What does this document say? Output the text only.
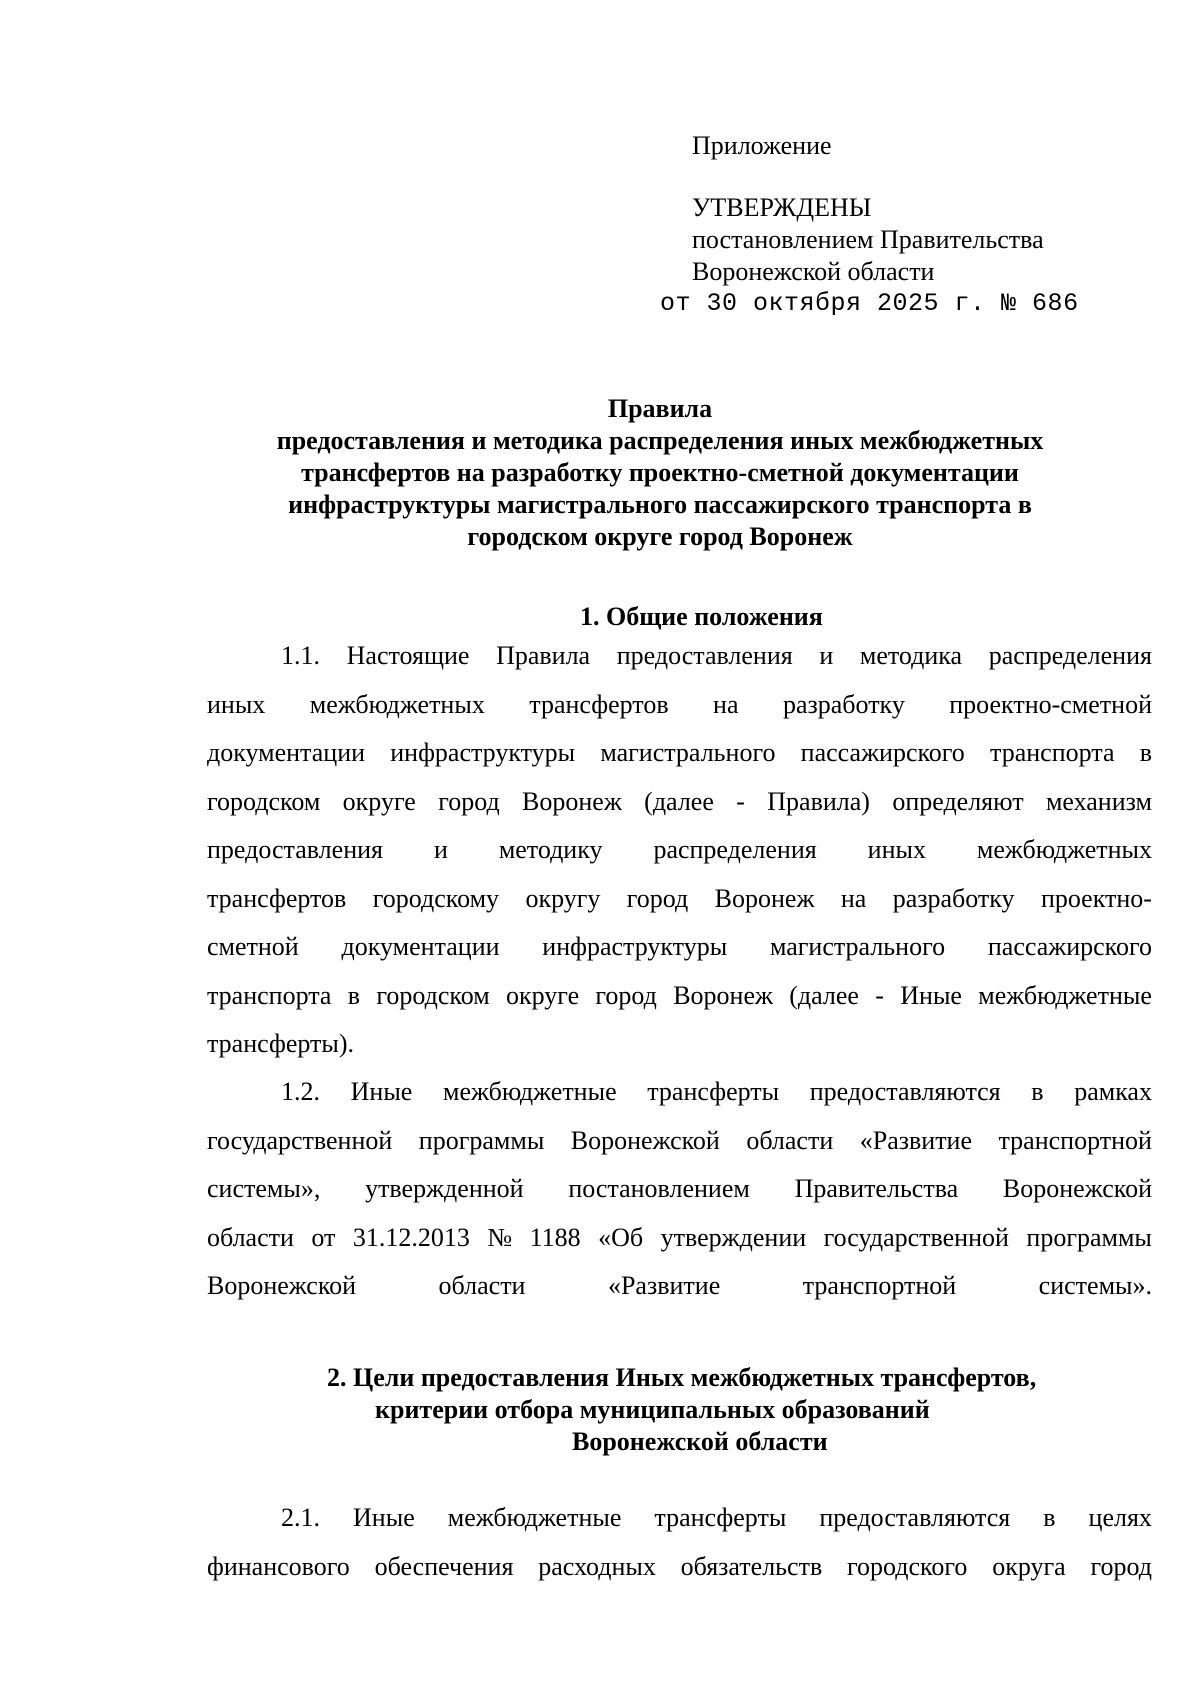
Приложение
УТВЕРЖДЕНЫ
постановлением Правительства
Воронежской области
от 30 октября 2025 г. № 686
Правила
предоставления и методика распределения иных межбюджетных
трансфертов на разработку проектно-сметной документации
инфраструктуры магистрального пассажирского транспорта в
городском округе город Воронеж
1. Общие положения
1.1. Настоящие Правила предоставления и методика распределения
иных межбюджетных трансфертов на разработку проектно-сметной
документации инфраструктуры магистрального пассажирского транспорта в
городском округе город Воронеж (далее - Правила) определяют механизм
предоставления и методику распределения иных межбюджетных
трансфертов городскому округу город Воронеж на разработку проектно-
сметной документации инфраструктуры магистрального пассажирского
транспорта в городском округе город Воронеж (далее - Иные межбюджетные
трансферты).
1.2. Иные межбюджетные трансферты предоставляются в рамках
государственной программы Воронежской области «Развитие транспортной
системы», утвержденной постановлением Правительства Воронежской
области от 31.12.2013 № 1188 «Об утверждении государственной программы
Воронежской области «Развитие транспортной системы».
2. Цели предоставления Иных межбюджетных трансфертов,
критерии отбора муниципальных образований
Воронежской области
2.1. Иные межбюджетные трансферты предоставляются в целях
финансового обеспечения расходных обязательств городского округа город
